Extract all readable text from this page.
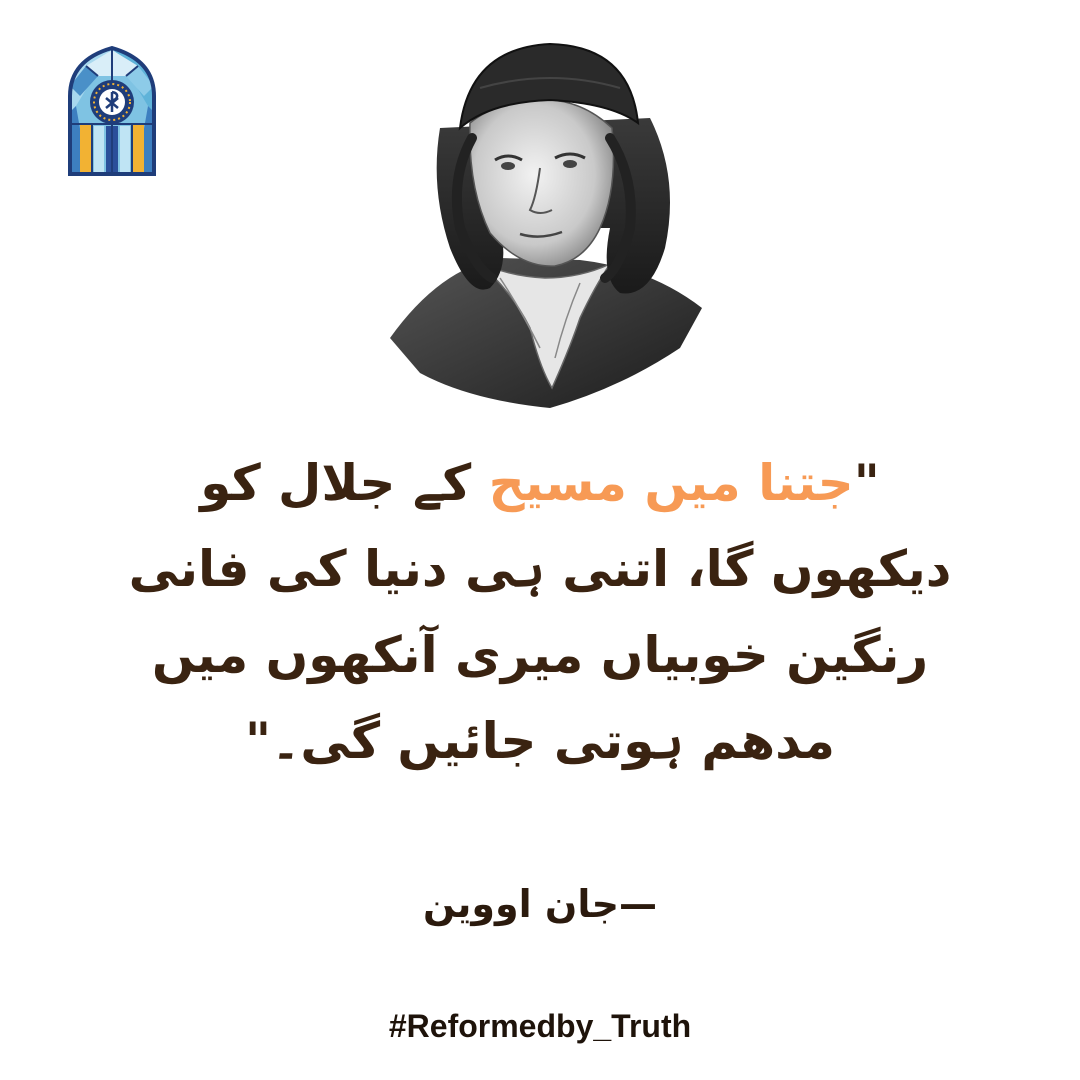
"جتنا میں مسیح کے جلال کو
دیکھوں گا، اتنی ہی دنیا کی فانی
رنگین خوبیاں میری آنکھوں میں
مدھم ہوتی جائیں گی۔"
—جان اووین
#Reformedby_Truth
